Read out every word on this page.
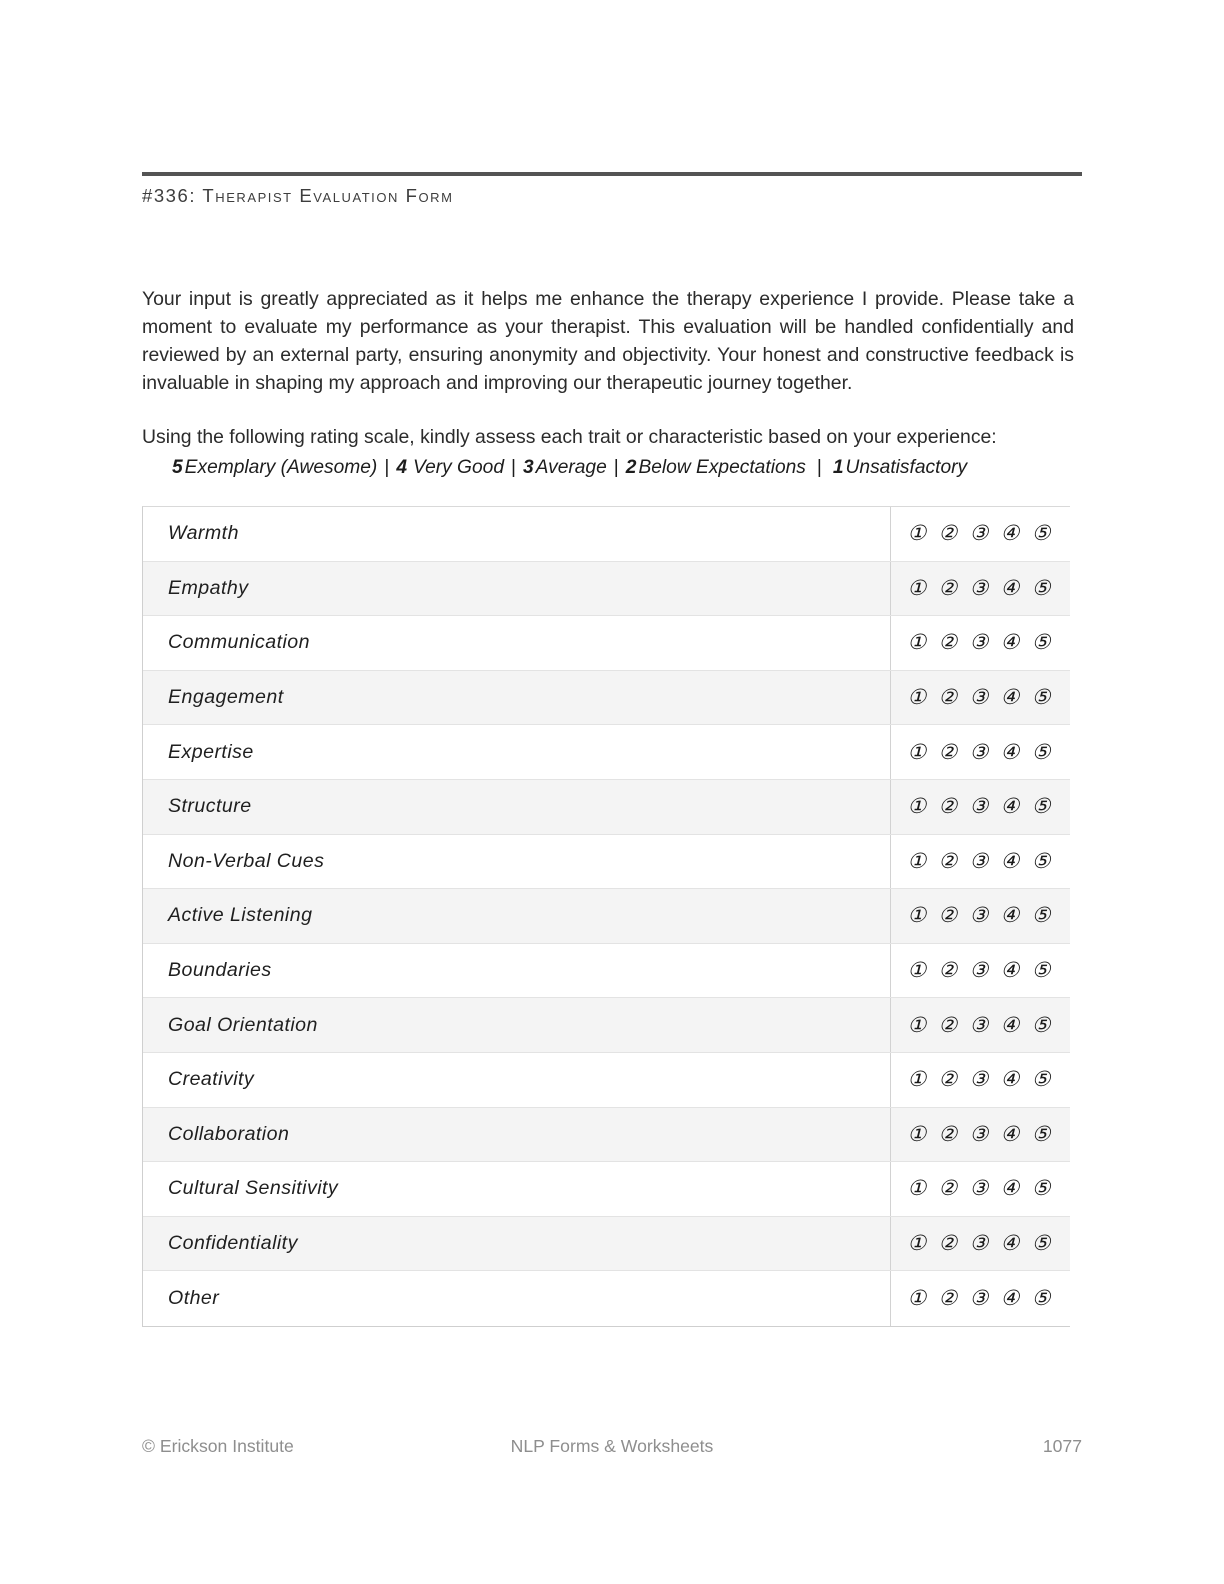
#336: Therapist Evaluation Form

Your input is greatly appreciated as it helps me enhance the therapy experience I provide. Please take a moment to evaluate my performance as your therapist. This evaluation will be handled confidentially and reviewed by an external party, ensuring anonymity and objectivity. Your honest and constructive feedback is invaluable in shaping my approach and improving our therapeutic journey together.

Using the following rating scale, kindly assess each trait or characteristic based on your experience:

5 Exemplary (Awesome) | 4 Very Good | 3 Average | 2 Below Expectations | 1 Unsatisfactory
Warmth	① ② ③ ④ ⑤
Empathy	① ② ③ ④ ⑤
Communication	① ② ③ ④ ⑤
Engagement	① ② ③ ④ ⑤
Expertise	① ② ③ ④ ⑤
Structure	① ② ③ ④ ⑤
Non-Verbal Cues	① ② ③ ④ ⑤
Active Listening	① ② ③ ④ ⑤
Boundaries	① ② ③ ④ ⑤
Goal Orientation	① ② ③ ④ ⑤
Creativity	① ② ③ ④ ⑤
Collaboration	① ② ③ ④ ⑤
Cultural Sensitivity	① ② ③ ④ ⑤
Confidentiality	① ② ③ ④ ⑤
Other	① ② ③ ④ ⑤
© Erickson Institute	NLP Forms & Worksheets	1077
